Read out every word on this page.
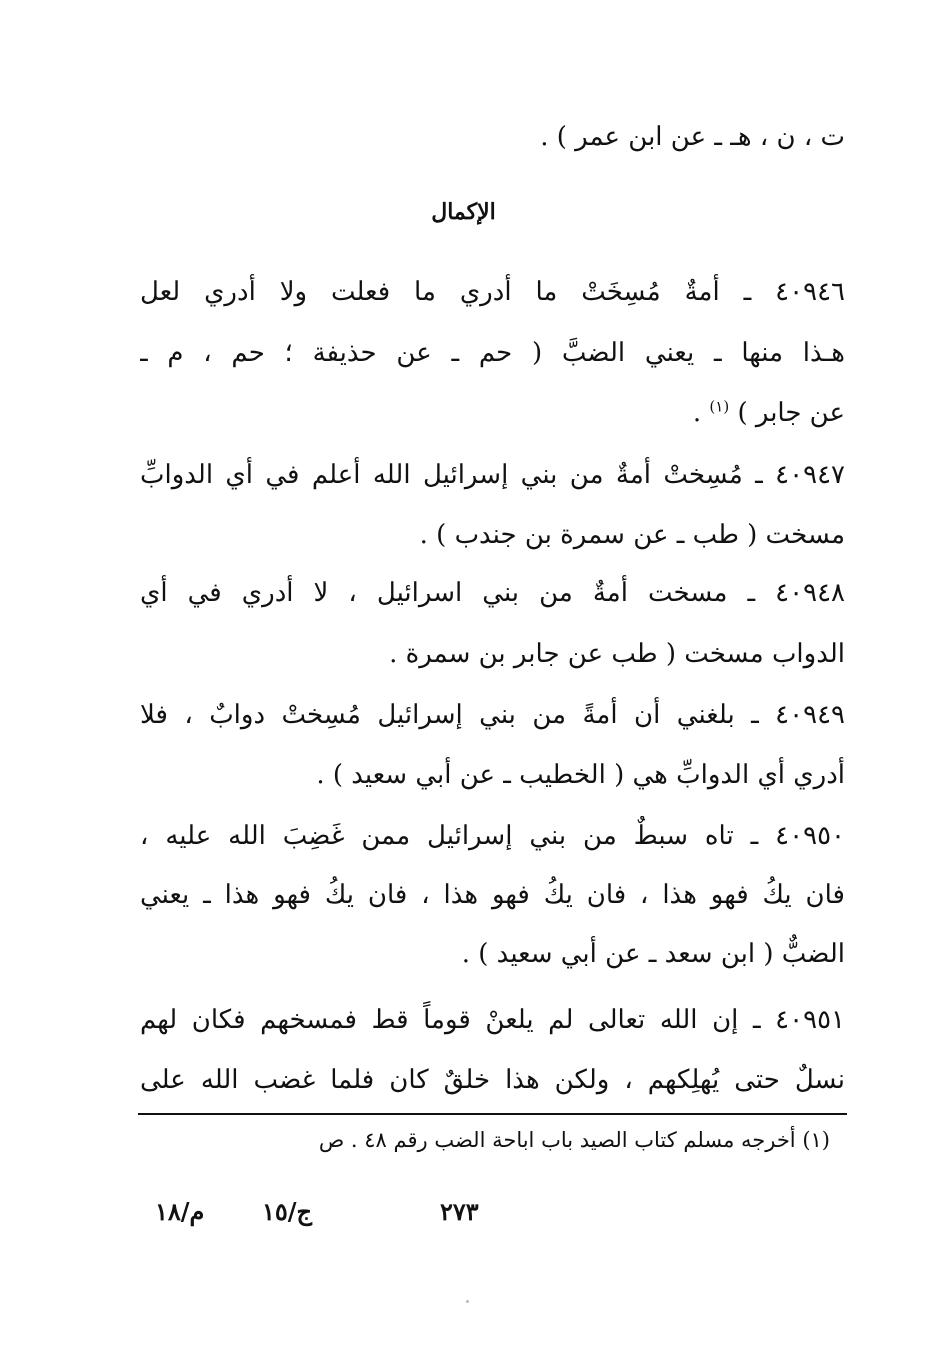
ت ، ن ، هـ ـ عن ابن عمر ) .
الإكمال
٤٠٩٤٦ ـ أمةٌ مُسِخَتْ ما أدري ما فعلت ولا أدري لعل
هـذا منها ـ يعني الضبَّ ( حم ـ عن حذيفة ؛ حم ، م ـ
عن جابر ) $^{(١)}$ .
٤٠٩٤٧ ـ مُسِختْ أمةٌ من بني إسرائيل الله أعلم في أي الدوابِّ
مسخت ( طب ـ عن سمرة بن جندب ) .
٤٠٩٤٨ ـ مسخت أمةٌ من بني اسرائيل ، لا أدري في أي
الدواب مسخت ( طب عن جابر بن سمرة .
٤٠٩٤٩ ـ بلغني أن أمةً من بني إسرائيل مُسِختْ دوابٌ ، فلا
أدري أي الدوابِّ هي ( الخطيب ـ عن أبي سعيد ) .
٤٠٩٥٠ ـ تاه سبطٌ من بني إسرائيل ممن غَضِبَ الله عليه ،
فان يكُ فهو هذا ، فان يكُ فهو هذا ، فان يكُ فهو هذا ـ يعني
الضبٌّ ( ابن سعد ـ عن أبي سعيد ) .
٤٠٩٥١ ـ إن الله تعالى لم يلعنْ قوماً قط فمسخهم فكان لهم
نسلٌ حتى يُهلِكهم ، ولكن هذا خلقٌ كان فلما غضب الله على
(١) أخرجه مسلم كتاب الصيد باب اباحة الضب رقم ٤٨ . ص
٢٧٣
ج/١٥
م/١٨
